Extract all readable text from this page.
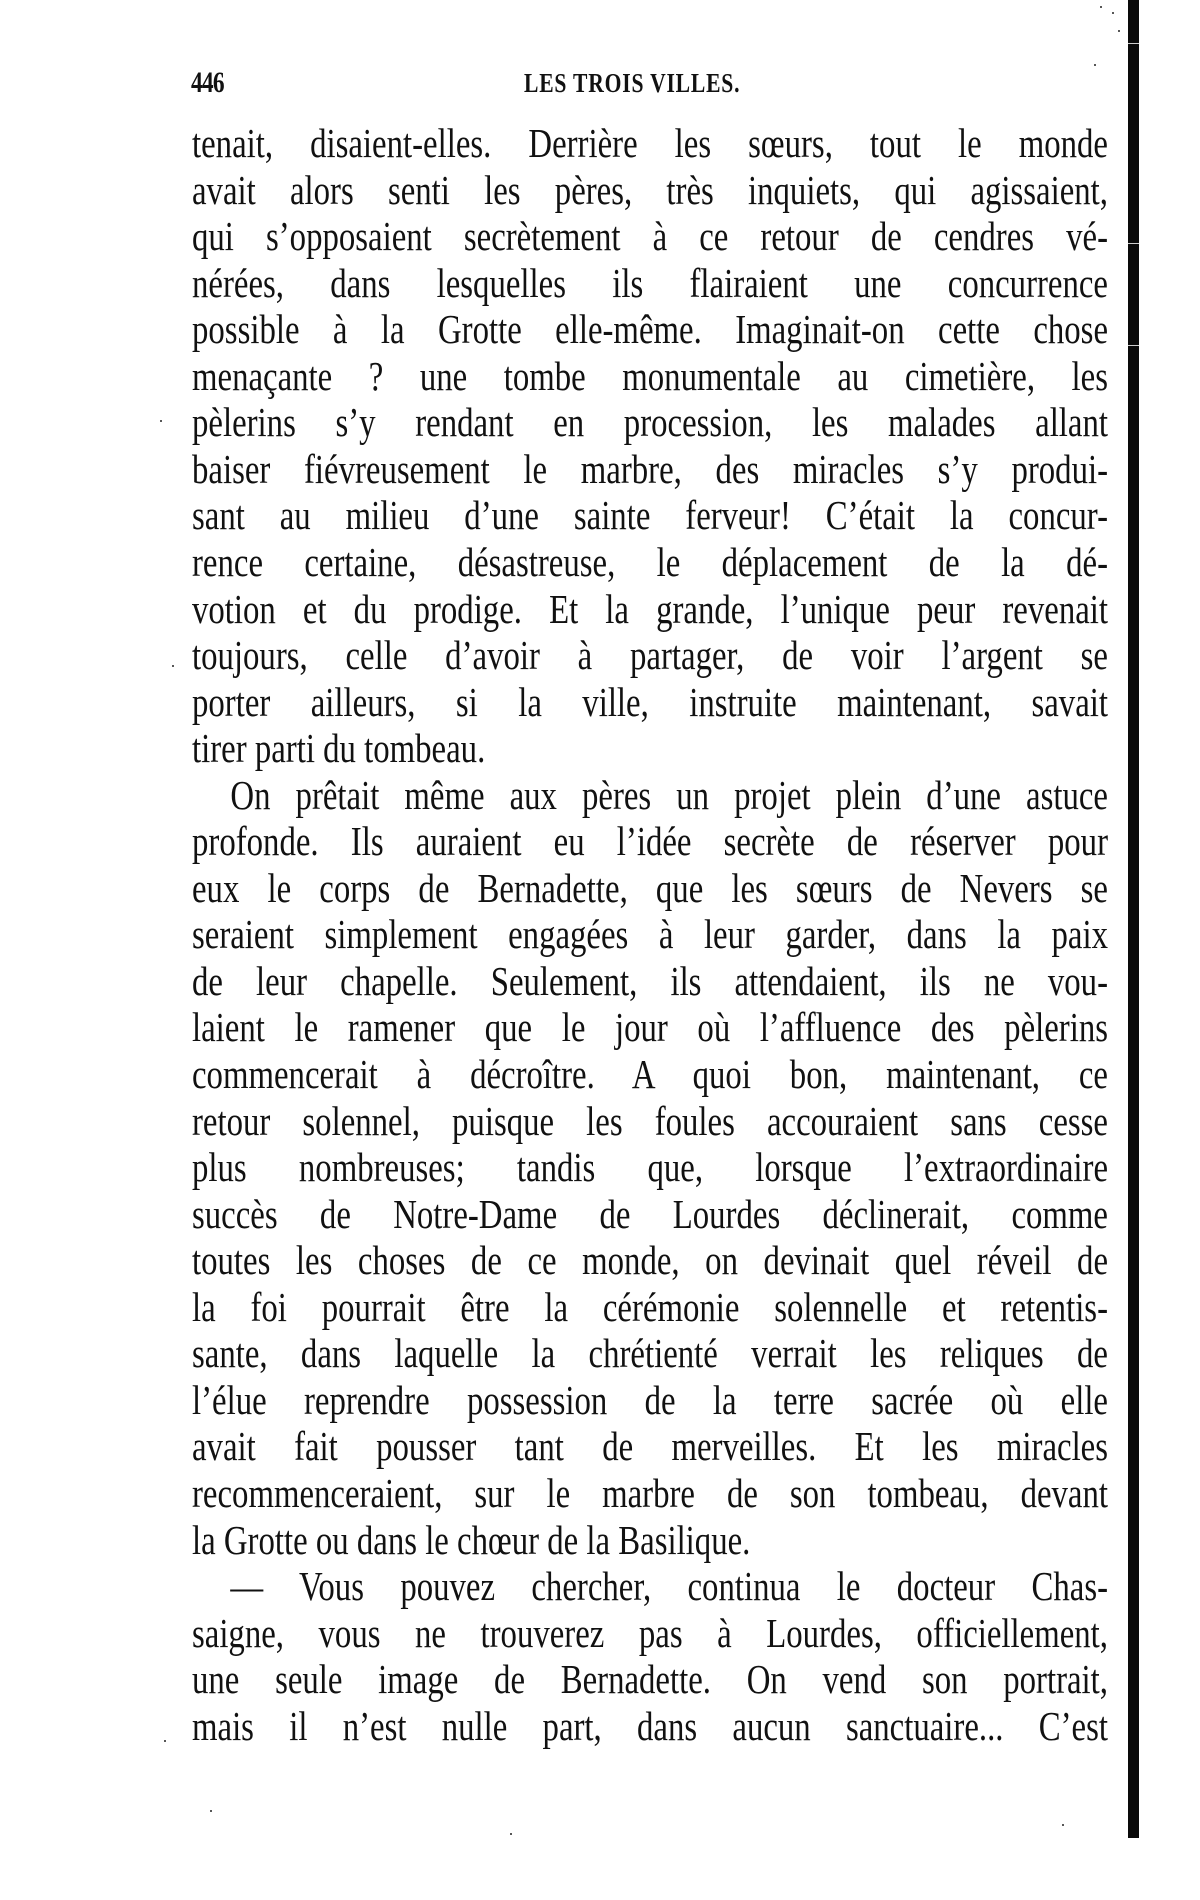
446	LES TROIS VILLES.
tenait, disaient-elles. Derrière les sœurs, tout le monde
avait alors senti les pères, très inquiets, qui agissaient,
qui s’opposaient secrètement à ce retour de cendres vé-
nérées, dans lesquelles ils flairaient une concurrence
possible à la Grotte elle-même. Imaginait-on cette chose
menaçante ? une tombe monumentale au cimetière, les
pèlerins s’y rendant en procession, les malades allant
baiser fiévreusement le marbre, des miracles s’y produi-
sant au milieu d’une sainte ferveur! C’était la concur-
rence certaine, désastreuse, le déplacement de la dé-
votion et du prodige. Et la grande, l’unique peur revenait
toujours, celle d’avoir à partager, de voir l’argent se
porter ailleurs, si la ville, instruite maintenant, savait
tirer parti du tombeau.
On prêtait même aux pères un projet plein d’une astuce
profonde. Ils auraient eu l’idée secrète de réserver pour
eux le corps de Bernadette, que les sœurs de Nevers se
seraient simplement engagées à leur garder, dans la paix
de leur chapelle. Seulement, ils attendaient, ils ne vou-
laient le ramener que le jour où l’affluence des pèlerins
commencerait à décroître. A quoi bon, maintenant, ce
retour solennel, puisque les foules accouraient sans cesse
plus nombreuses; tandis que, lorsque l’extraordinaire
succès de Notre-Dame de Lourdes déclinerait, comme
toutes les choses de ce monde, on devinait quel réveil de
la foi pourrait être la cérémonie solennelle et retentis-
sante, dans laquelle la chrétienté verrait les reliques de
l’élue reprendre possession de la terre sacrée où elle
avait fait pousser tant de merveilles. Et les miracles
recommenceraient, sur le marbre de son tombeau, devant
la Grotte ou dans le chœur de la Basilique.
— Vous pouvez chercher, continua le docteur Chas-
saigne, vous ne trouverez pas à Lourdes, officiellement,
une seule image de Bernadette. On vend son portrait,
mais il n’est nulle part, dans aucun sanctuaire... C’est
